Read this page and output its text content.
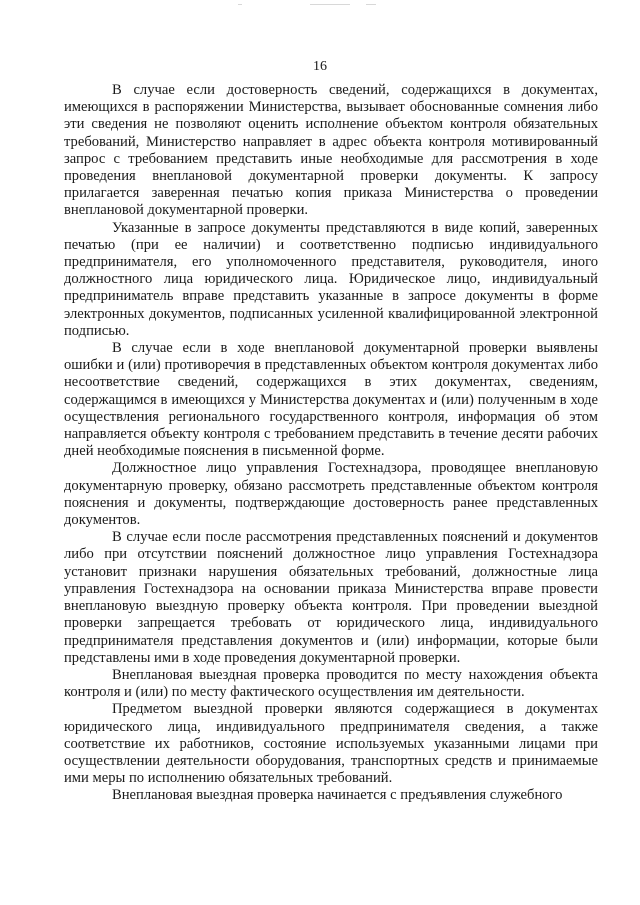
16

В случае если достоверность сведений, содержащихся в документах, имеющихся в распоряжении Министерства, вызывает обоснованные сомнения либо эти сведения не позволяют оценить исполнение объектом контроля обязательных требований, Министерство направляет в адрес объекта контроля мотивированный запрос с требованием представить иные необходимые для рассмотрения в ходе проведения внеплановой документарной проверки документы. К запросу прилагается заверенная печатью копия приказа Министерства о проведении внеплановой документарной проверки.

Указанные в запросе документы представляются в виде копий, заверенных печатью (при ее наличии) и соответственно подписью индивидуального предпринимателя, его уполномоченного представителя, руководителя, иного должностного лица юридического лица. Юридическое лицо, индивидуальный предприниматель вправе представить указанные в запросе документы в форме электронных документов, подписанных усиленной квалифицированной электронной подписью.

В случае если в ходе внеплановой документарной проверки выявлены ошибки и (или) противоречия в представленных объектом контроля документах либо несоответствие сведений, содержащихся в этих документах, сведениям, содержащимся в имеющихся у Министерства документах и (или) полученным в ходе осуществления регионального государственного контроля, информация об этом направляется объекту контроля с требованием представить в течение десяти рабочих дней необходимые пояснения в письменной форме.

Должностное лицо управления Гостехнадзора, проводящее внеплановую документарную проверку, обязано рассмотреть представленные объектом контроля пояснения и документы, подтверждающие достоверность ранее представленных документов.

В случае если после рассмотрения представленных пояснений и документов либо при отсутствии пояснений должностное лицо управления Гостехнадзора установит признаки нарушения обязательных требований, должностные лица управления Гостехнадзора на основании приказа Министерства вправе провести внеплановую выездную проверку объекта контроля. При проведении выездной проверки запрещается требовать от юридического лица, индивидуального предпринимателя представления документов и (или) информации, которые были представлены ими в ходе проведения документарной проверки.

Внеплановая выездная проверка проводится по месту нахождения объекта контроля и (или) по месту фактического осуществления им деятельности.

Предметом выездной проверки являются содержащиеся в документах юридического лица, индивидуального предпринимателя сведения, а также соответствие их работников, состояние используемых указанными лицами при осуществлении деятельности оборудования, транспортных средств и принимаемые ими меры по исполнению обязательных требований.

Внеплановая выездная проверка начинается с предъявления служебного
